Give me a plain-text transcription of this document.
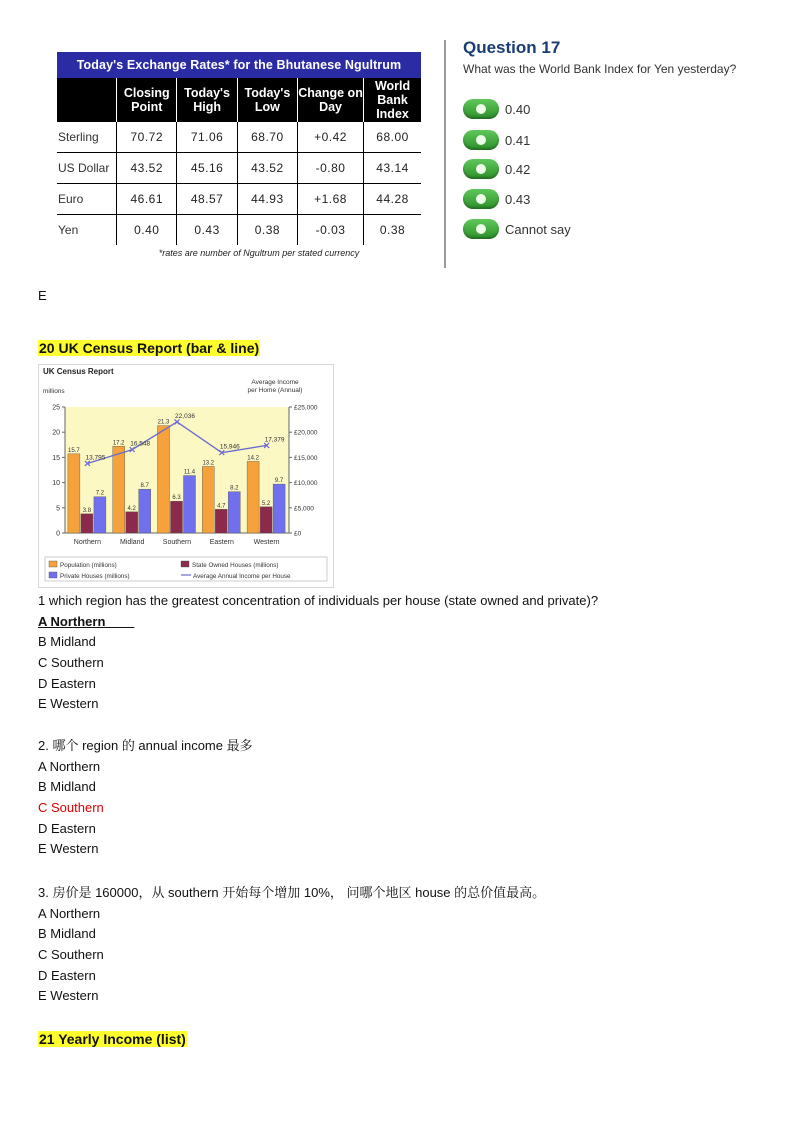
Today's Exchange Rates* for the Bhutanese Ngultrum
	Closing Point	Today's High	Today's Low	Change on Day	World Bank Index
Sterling	70.72	71.06	68.70	+0.42	68.00
US Dollar	43.52	45.16	43.52	-0.80	43.14
Euro	46.61	48.57	44.93	+1.68	44.28
Yen	0.40	0.43	0.38	-0.03	0.38
*rates are number of Ngultrum per stated currency
Question 17
What was the World Bank Index for Yen yesterday?
0.40
0.41
0.42
0.43
Cannot say
E
20 UK Census Report (bar & line)
UK Census Report
millions
Average Income
per Home (Annual)
0
5
10
15
20
25
£0
£5,000
£10,000
£15,000
£20,000
£25,000
15.7
3.8
7.2
Northern
17.2
4.2
8.7
Midland
21.3
6.3
11.4
Southern
13.2
4.7
8.2
Eastern
14.2
5.2
9.7
Western
13,795
16,548
22,036
15,946
17,379
Population (millions)	State Owned Houses (millions)
Private Houses (millions)	Average Annual Income per House
1 which region has the greatest concentration of individuals per house (state owned and private)?
A Northern
B Midland
C Southern
D Eastern
E Western
2. 哪个 region 的 annual income 最多
A Northern
B Midland
C Southern
D Eastern
E Western
3. 房价是 160000，从 southern 开始每个增加 10%， 问哪个地区 house 的总价值最高。
A Northern
B Midland
C Southern
D Eastern
E Western
21 Yearly Income (list)
